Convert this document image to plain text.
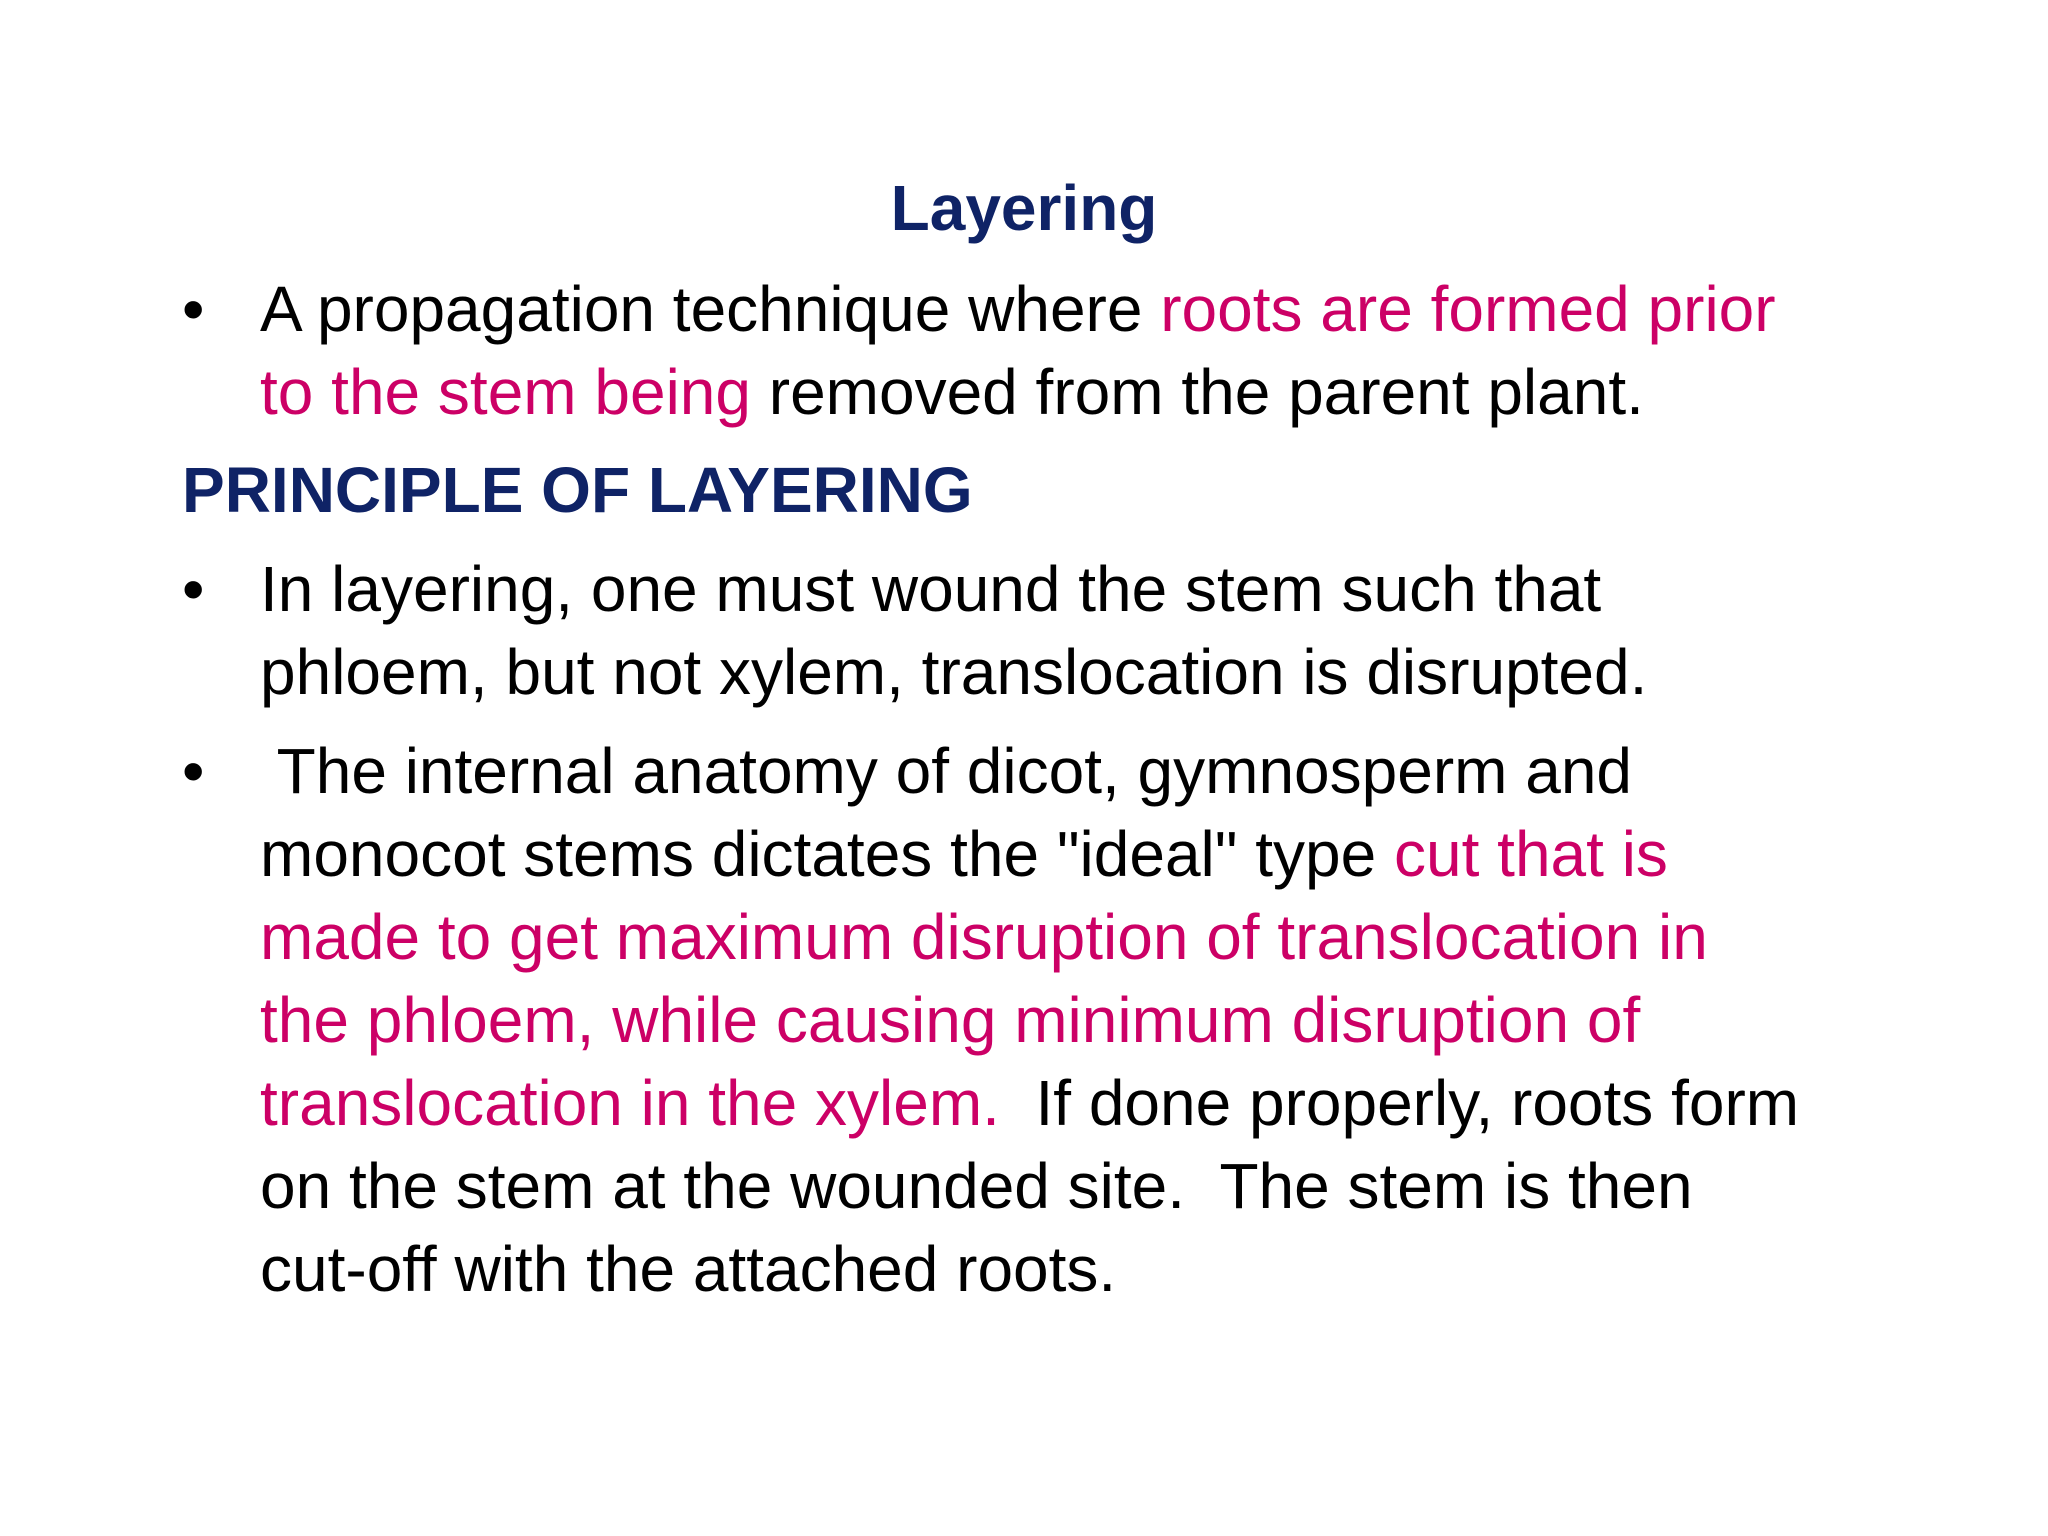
Layering
• A propagation technique where roots are formed prior
to the stem being removed from the parent plant.
PRINCIPLE OF LAYERING
• In layering, one must wound the stem such that
phloem, but not xylem, translocation is disrupted.
• The internal anatomy of dicot, gymnosperm and
monocot stems dictates the "ideal" type cut that is
made to get maximum disruption of translocation in
the phloem, while causing minimum disruption of
translocation in the xylem.  If done properly, roots form
on the stem at the wounded site.  The stem is then
cut-off with the attached roots.
